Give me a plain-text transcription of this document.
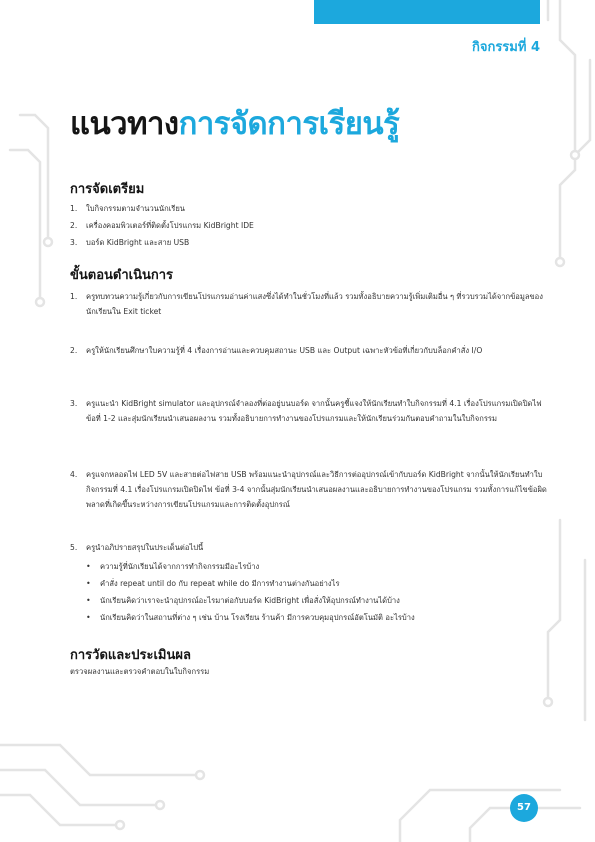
กิจกรรมที่ 4
แนวทางการจัดการเรียนรู้
การจัดเตรียม
1.	ใบกิจกรรมตามจำนวนนักเรียน
2.	เครื่องคอมพิวเตอร์ที่ติดตั้งโปรแกรม KidBright IDE
3.	บอร์ด KidBright และสาย USB
ขั้นตอนดำเนินการ
1.	ครูทบทวนความรู้เกี่ยวกับการเขียนโปรแกรมอ่านค่าแสงซึ่งได้ทำในชั่วโมงที่แล้ว รวมทั้งอธิบายความรู้เพิ่มเติมอื่น ๆ ที่รวบรวมได้จากข้อมูลของนักเรียนใน Exit ticket
2.	ครูให้นักเรียนศึกษาใบความรู้ที่ 4 เรื่องการอ่านและควบคุมสถานะ USB และ Output เฉพาะหัวข้อที่เกี่ยวกับบล็อกคำสั่ง I/O
3.	ครูแนะนำ KidBright simulator และอุปกรณ์จำลองที่ต่ออยู่บนบอร์ด จากนั้นครูชี้แจงให้นักเรียนทำใบกิจกรรมที่ 4.1 เรื่องโปรแกรมเปิดปิดไฟ ข้อที่ 1-2 และสุ่มนักเรียนนำเสนอผลงาน รวมทั้งอธิบายการทำงานของโปรแกรมและให้นักเรียนร่วมกันตอบคำถามในใบกิจกรรม
4.	ครูแจกหลอดไฟ LED 5V และสายต่อไฟสาย USB พร้อมแนะนำอุปกรณ์และวิธีการต่ออุปกรณ์เข้ากับบอร์ด KidBright จากนั้นให้นักเรียนทำใบกิจกรรมที่ 4.1 เรื่องโปรแกรมเปิดปิดไฟ ข้อที่ 3-4 จากนั้นสุ่มนักเรียนนำเสนอผลงานและอธิบายการทำงานของโปรแกรม รวมทั้งการแก้ไขข้อผิดพลาดที่เกิดขึ้นระหว่างการเขียนโปรแกรมและการติดตั้งอุปกรณ์
5.	ครูนำอภิปรายสรุปในประเด็นต่อไปนี้
•	ความรู้ที่นักเรียนได้จากการทำกิจกรรมมีอะไรบ้าง
•	คำสั่ง repeat until do กับ repeat while do มีการทำงานต่างกันอย่างไร
•	นักเรียนคิดว่าเราจะนำอุปกรณ์อะไรมาต่อกับบอร์ด KidBright เพื่อสั่งให้อุปกรณ์ทำงานได้บ้าง
•	นักเรียนคิดว่าในสถานที่ต่าง ๆ เช่น บ้าน โรงเรียน ร้านค้า มีการควบคุมอุปกรณ์อัตโนมัติ อะไรบ้าง
การวัดและประเมินผล
ตรวจผลงานและตรวจคำตอบในใบกิจกรรม
57
